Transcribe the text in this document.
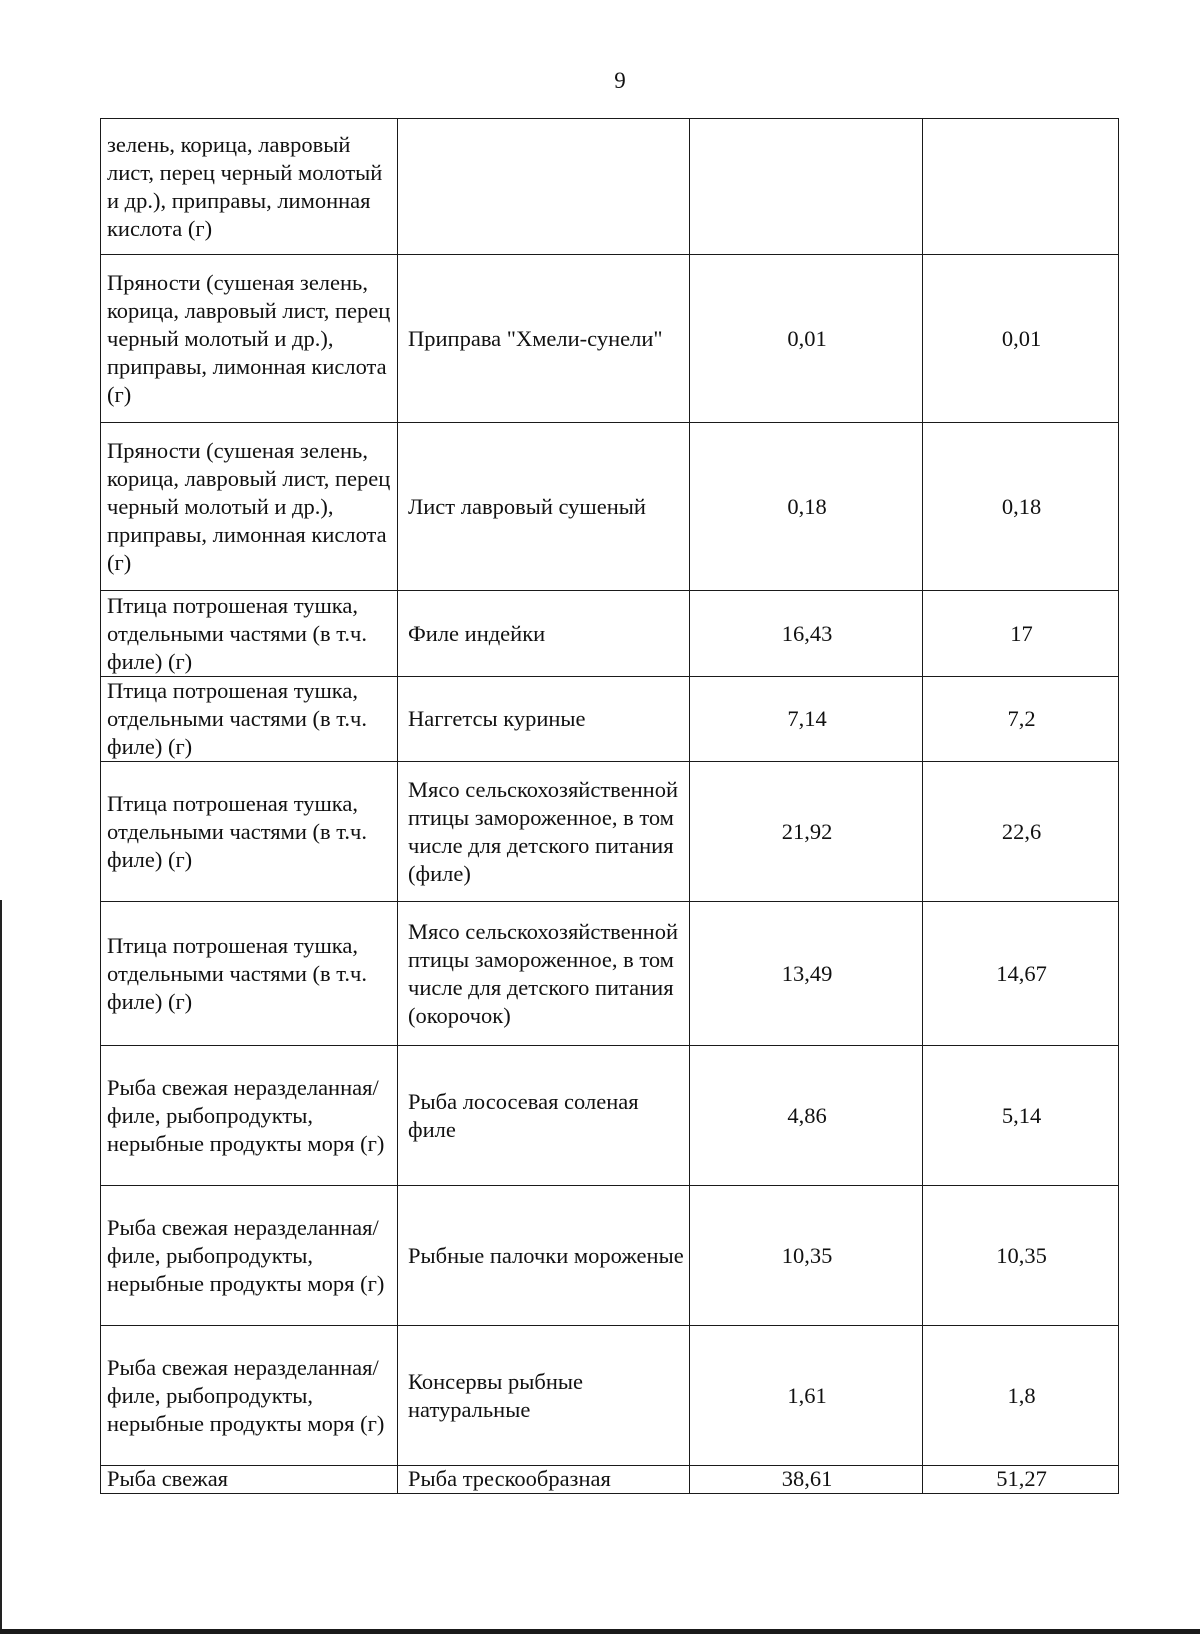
9
зелень, корица, лавровый лист, перец черный молотый и др.), приправы, лимонная кислота (г)			
Пряности (сушеная зелень, корица, лавровый лист, перец черный молотый и др.), приправы, лимонная кислота (г)	Приправа "Хмели-сунели"	0,01	0,01
Пряности (сушеная зелень, корица, лавровый лист, перец черный молотый и др.), приправы, лимонная кислота (г)	Лист лавровый сушеный	0,18	0,18
Птица потрошеная тушка, отдельными частями (в т.ч. филе) (г)	Филе индейки	16,43	17
Птица потрошеная тушка, отдельными частями (в т.ч. филе) (г)	Наггетсы куриные	7,14	7,2
Птица потрошеная тушка, отдельными частями (в т.ч. филе) (г)	Мясо сельскохозяйственной птицы замороженное, в том числе для детского питания (филе)	21,92	22,6
Птица потрошеная тушка, отдельными частями (в т.ч. филе) (г)	Мясо сельскохозяйственной птицы замороженное, в том числе для детского питания (окорочок)	13,49	14,67
Рыба свежая неразделанная/филе, рыбопродукты, нерыбные продукты моря (г)	Рыба лососевая соленая филе	4,86	5,14
Рыба свежая неразделанная/филе, рыбопродукты, нерыбные продукты моря (г)	Рыбные палочки мороженые	10,35	10,35
Рыба свежая неразделанная/филе, рыбопродукты, нерыбные продукты моря (г)	Консервы рыбные натуральные	1,61	1,8
Рыба свежая	Рыба трескообразная	38,61	51,27
